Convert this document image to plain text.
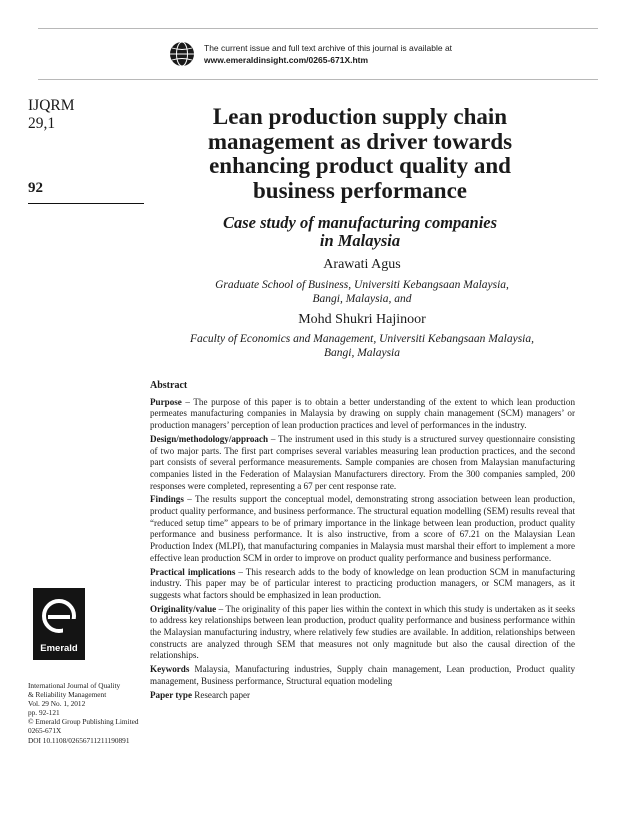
The current issue and full text archive of this journal is available at
www.emeraldinsight.com/0265-671X.htm
IJQRM
29,1
92
Lean production supply chain
management as driver towards
enhancing product quality and
business performance
Case study of manufacturing companies
in Malaysia
Arawati Agus
Graduate School of Business, Universiti Kebangsaan Malaysia,
Bangi, Malaysia, and
Mohd Shukri Hajinoor
Faculty of Economics and Management, Universiti Kebangsaan Malaysia,
Bangi, Malaysia
Abstract

Purpose – The purpose of this paper is to obtain a better understanding of the extent to which lean production permeates manufacturing companies in Malaysia by drawing on supply chain management (SCM) managers’ or production managers’ perception of lean production practices and level of performances in the industry.

Design/methodology/approach – The instrument used in this study is a structured survey questionnaire consisting of two major parts. The first part comprises several variables measuring lean production practices, and the second part consists of several performance measurements. Sample companies are chosen from Malaysian manufacturing companies listed in the Federation of Malaysian Manufacturers directory. From the 300 companies sampled, 200 responses were completed, representing a 67 per cent response rate.

Findings – The results support the conceptual model, demonstrating strong association between lean production, product quality performance, and business performance. The structural equation modelling (SEM) results reveal that “reduced setup time” appears to be of primary importance in the linkage between lean production, product quality performance and business performance. It is also instructive, from a score of 67.21 on the Malaysian Lean Production Index (MLPI), that manufacturing companies in Malaysia must marshal their effort to implement a more effective lean production SCM in order to improve on product quality performance and business performance.

Practical implications – This research adds to the body of knowledge on lean production SCM in manufacturing industry. This paper may be of particular interest to practicing production managers, or SCM managers, as it suggests what factors should be emphasized in lean production.

Originality/value – The originality of this paper lies within the context in which this study is undertaken as it seeks to address key relationships between lean production, product quality performance and business performance within the Malaysian manufacturing industry, where relatively few studies are available. In addition, relationships between constructs are analyzed through SEM that measures not only magnitude but also the causal direction of the relationships.

Keywords Malaysia, Manufacturing industries, Supply chain management, Lean production, Product quality management, Business performance, Structural equation modeling

Paper type Research paper

Emerald
International Journal of Quality
& Reliability Management
Vol. 29 No. 1, 2012
pp. 92-121
© Emerald Group Publishing Limited
0265-671X
DOI 10.1108/02656711211190891
